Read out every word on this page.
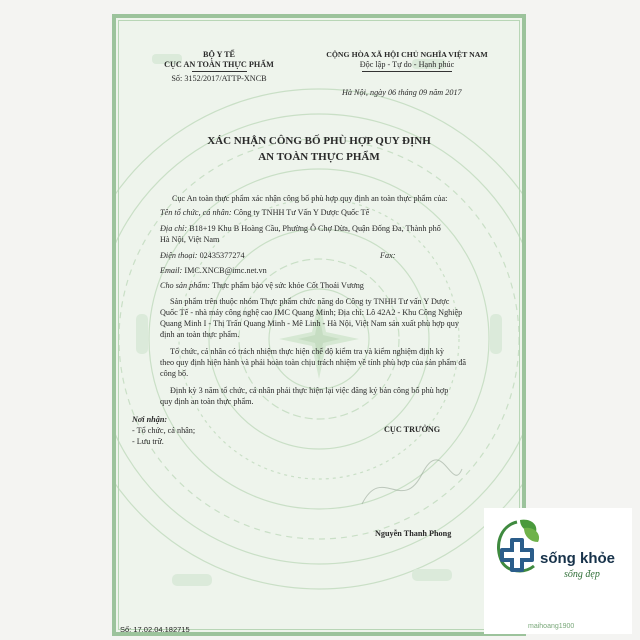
BỘ Y TẾ
CỤC AN TOÀN THỰC PHẨM
Số: 3152/2017/ATTP-XNCB
CỘNG HÒA XÃ HỘI CHỦ NGHĨA VIỆT NAM
Độc lập - Tự do - Hạnh phúc
Hà Nội, ngày 06 tháng 09 năm 2017
XÁC NHẬN CÔNG BỐ PHÙ HỢP QUY ĐỊNH
AN TOÀN THỰC PHẨM
Cục An toàn thực phẩm xác nhận công bố phù hợp quy định an toàn thực phẩm của:
Tên tổ chức, cá nhân: Công ty TNHH Tư Vấn Y Dược Quốc Tế
Địa chỉ: B18+19 Khu B Hoàng Cầu, Phường Ô Chợ Dừa, Quận Đống Đa, Thành phố
Hà Nội, Việt Nam
Điện thoại: 02435377274	Fax:
Email: IMC.XNCB@imc.net.vn
Cho sản phẩm: Thực phẩm bảo vệ sức khỏe Cốt Thoái Vương
Sản phẩm trên thuộc nhóm Thực phẩm chức năng do Công ty TNHH Tư vấn Y Dược
Quốc Tế - nhà máy công nghệ cao IMC Quang Minh; Địa chỉ: Lô 42A2 - Khu Công Nghiệp
Quang Minh I - Thị Trấn Quang Minh - Mê Linh - Hà Nội, Việt Nam sản xuất phù hợp quy
định an toàn thực phẩm.
Tổ chức, cá nhân có trách nhiệm thực hiện chế độ kiểm tra và kiểm nghiệm định kỳ
theo quy định hiện hành và phải hoàn toàn chịu trách nhiệm về tính phù hợp của sản phẩm đã
công bố.
Định kỳ 3 năm tổ chức, cá nhân phải thực hiện lại việc đăng ký bản công bố phù hợp
quy định an toàn thực phẩm.
Nơi nhận:
- Tổ chức, cá nhân;
- Lưu trữ.
CỤC TRƯỞNG
Nguyễn Thanh Phong
Số: 17.02.04.182715
sống khỏe
sống đẹp
maihoang1900
